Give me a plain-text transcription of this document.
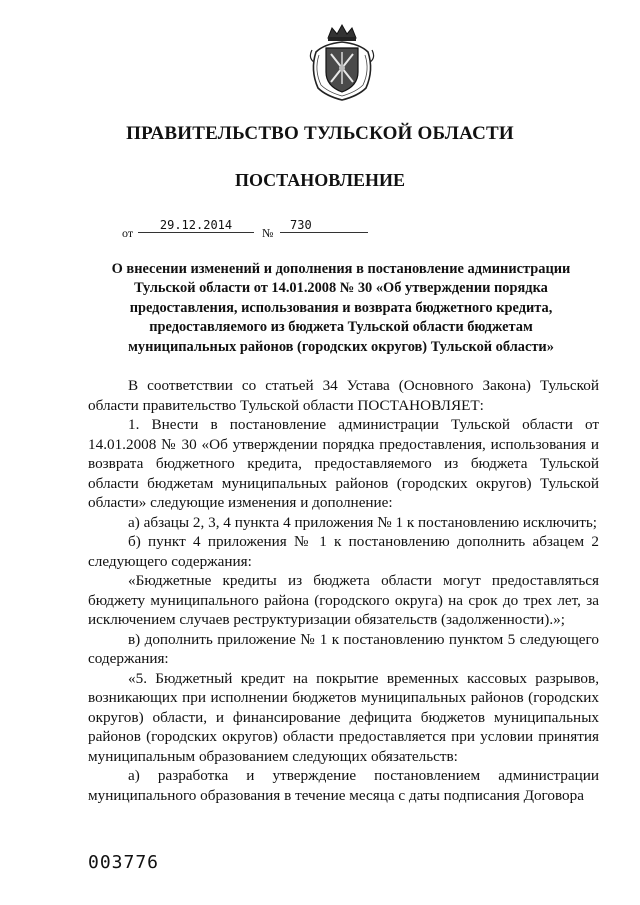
ПРАВИТЕЛЬСТВО ТУЛЬСКОЙ ОБЛАСТИ
ПОСТАНОВЛЕНИЕ
от
29.12.2014
№
730
О внесении изменений и дополнения в постановление администрации Тульской области от 14.01.2008 № 30 «Об утверждении порядка предоставления, использования и возврата бюджетного кредита, предоставляемого из бюджета Тульской области бюджетам муниципальных районов (городских округов) Тульской области»

В соответствии со статьей 34 Устава (Основного Закона) Тульской области правительство Тульской области ПОСТАНОВЛЯЕТ:

1. Внести в постановление администрации Тульской области от 14.01.2008 № 30 «Об утверждении порядка предоставления, использования и возврата бюджетного кредита, предоставляемого из бюджета Тульской области бюджетам муниципальных районов (городских округов) Тульской области» следующие изменения и дополнение:

а) абзацы 2, 3, 4 пункта 4 приложения № 1 к постановлению исключить;

б) пункт 4 приложения № 1 к постановлению дополнить абзацем 2 следующего содержания:

«Бюджетные кредиты из бюджета области могут предоставляться бюджету муниципального района (городского округа) на срок до трех лет, за исключением случаев реструктуризации обязательств (задолженности).»;

в) дополнить приложение № 1 к постановлению пунктом 5 следующего содержания:

«5. Бюджетный кредит на покрытие временных кассовых разрывов, возникающих при исполнении бюджетов муниципальных районов (городских округов) области, и финансирование дефицита бюджетов муниципальных районов (городских округов) области предоставляется при условии принятия муниципальным образованием следующих обязательств:

а) разработка и утверждение постановлением администрации муниципального образования в течение месяца с даты подписания Договора

003776
